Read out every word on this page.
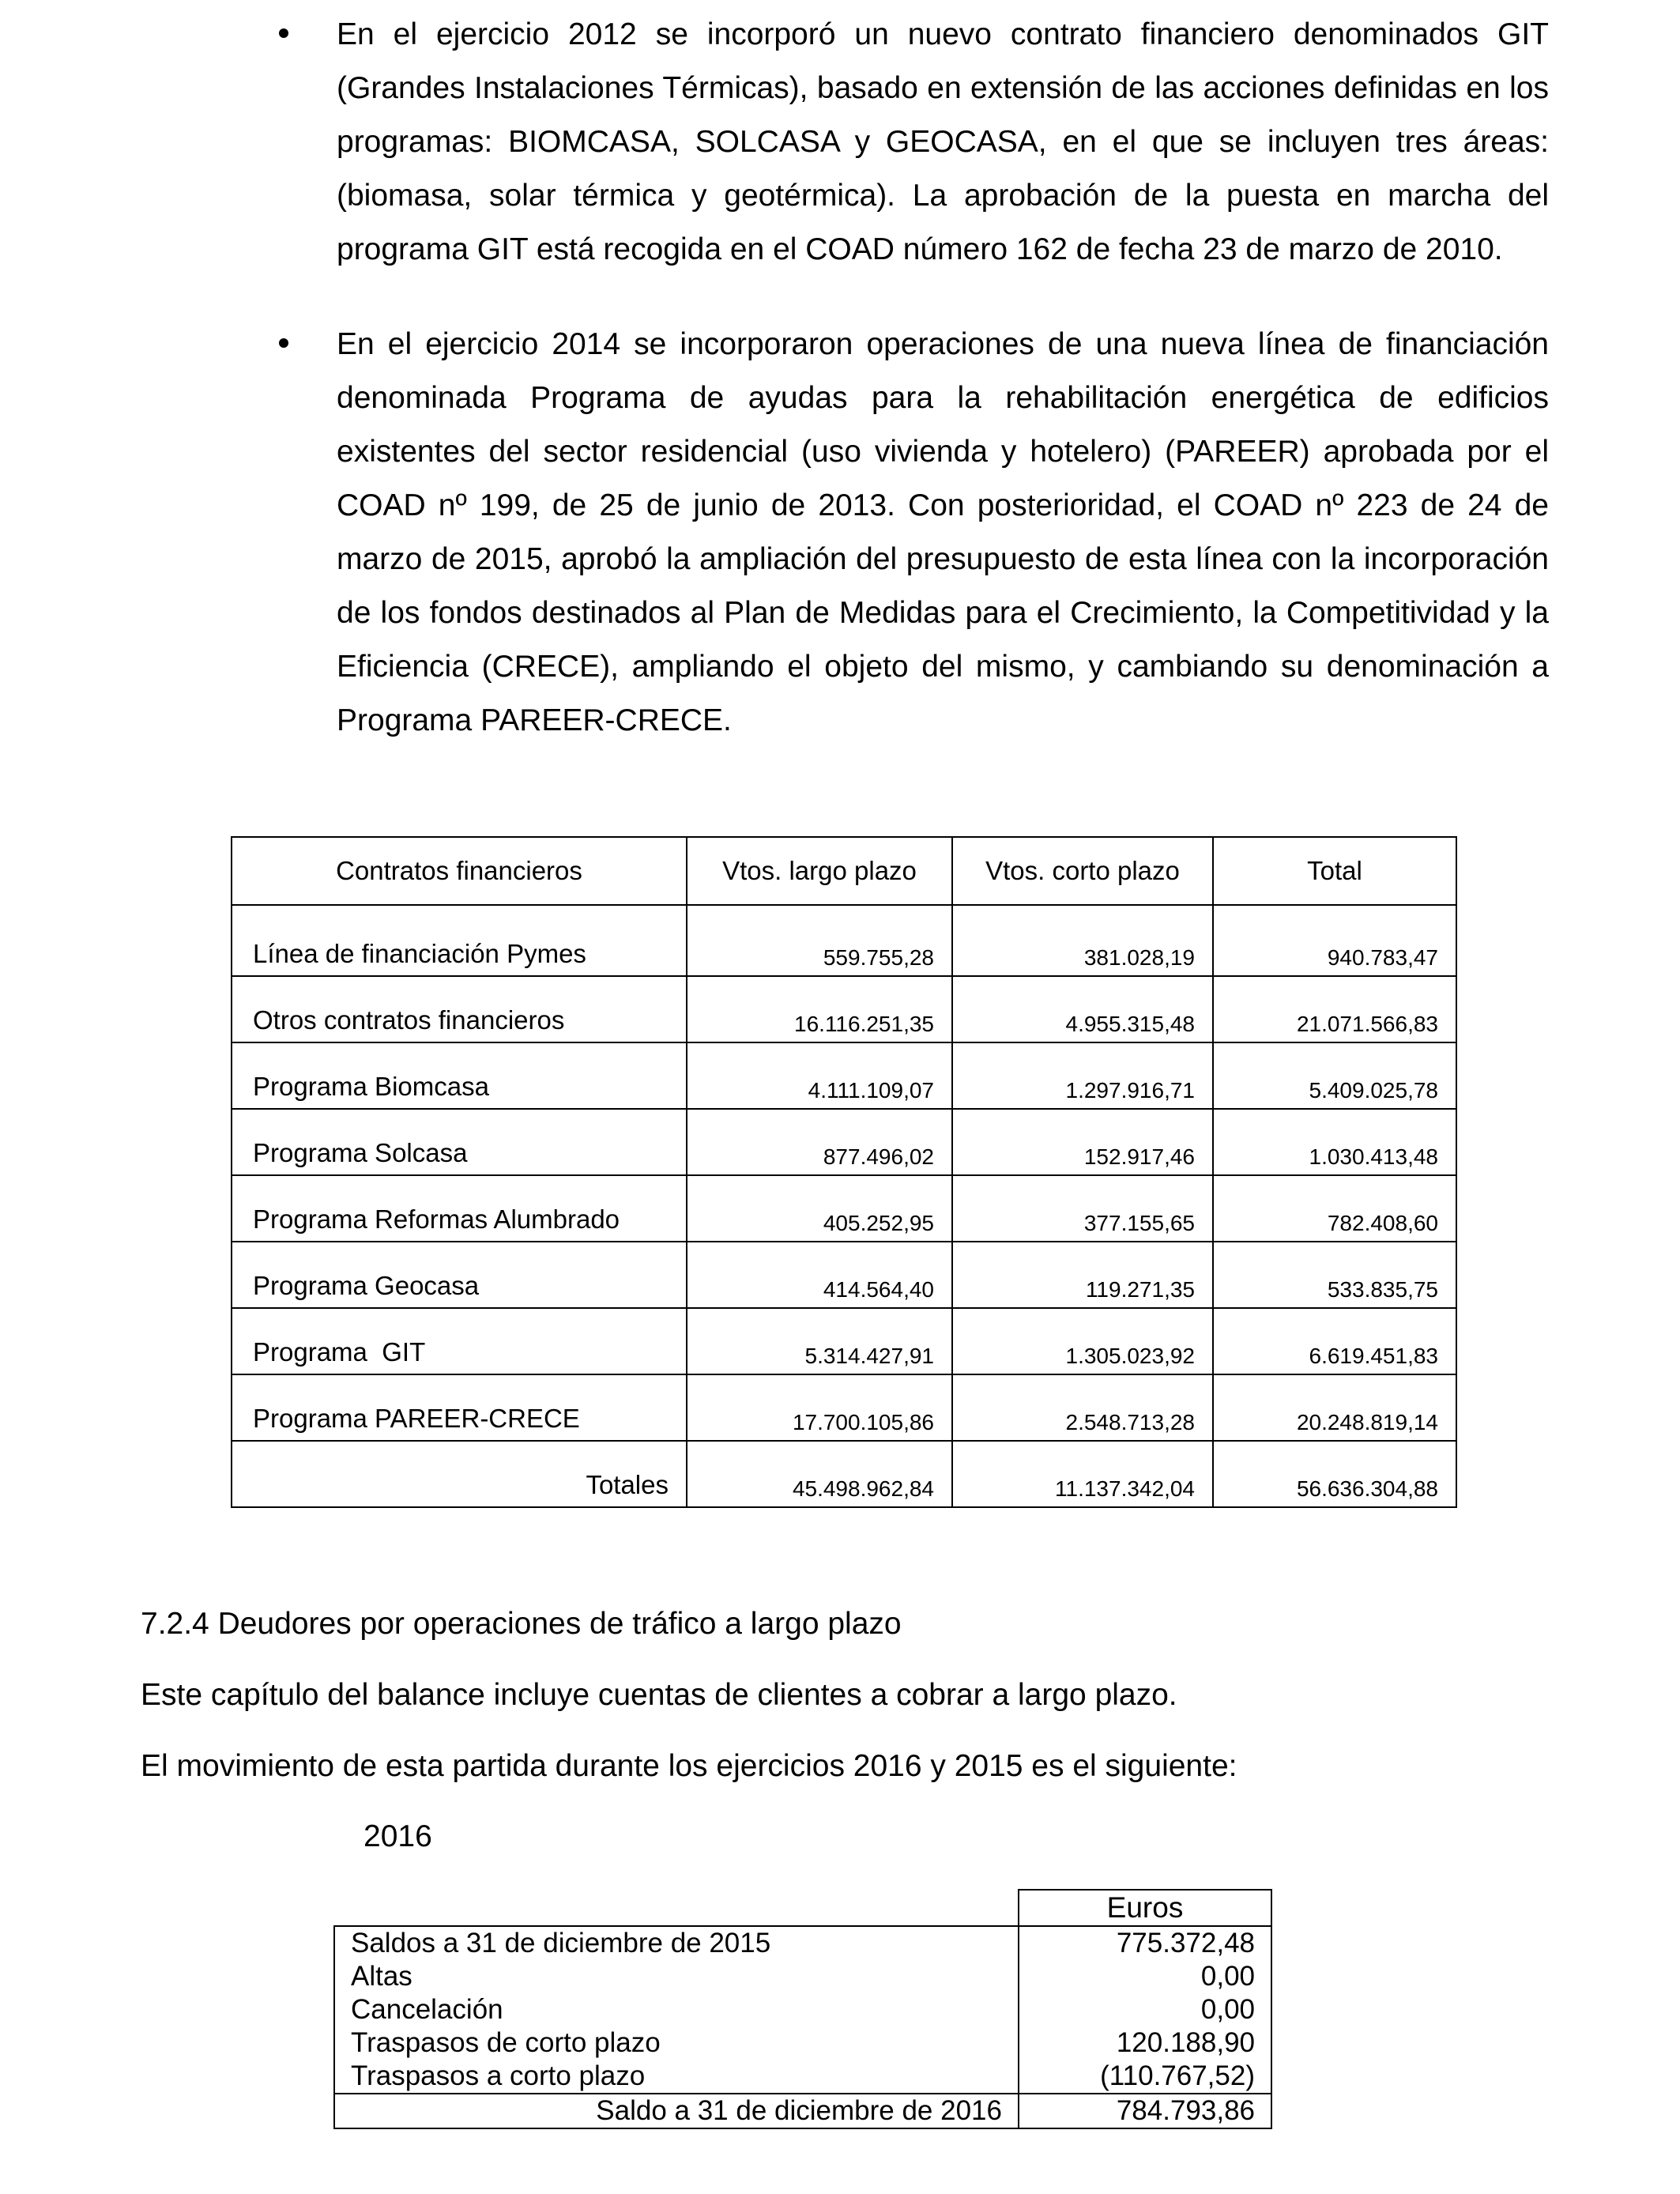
En el ejercicio 2012 se incorporó un nuevo contrato financiero denominados GIT (Grandes Instalaciones Térmicas), basado en extensión de las acciones definidas en los programas: BIOMCASA, SOLCASA y GEOCASA, en el que se incluyen tres áreas: (biomasa, solar térmica y geotérmica). La aprobación de la puesta en marcha del programa GIT está recogida en el COAD número 162 de fecha 23 de marzo de 2010.
En el ejercicio 2014 se incorporaron operaciones de una nueva línea de financiación denominada Programa de ayudas para la rehabilitación energética de edificios existentes del sector residencial (uso vivienda y hotelero) (PAREER) aprobada por el COAD nº 199, de 25 de junio de 2013. Con posterioridad, el COAD nº 223 de 24 de marzo de 2015, aprobó la ampliación del presupuesto de esta línea con la incorporación de los fondos destinados al Plan de Medidas para el Crecimiento, la Competitividad y la Eficiencia (CRECE), ampliando el objeto del mismo, y cambiando su denominación a Programa PAREER-CRECE.
Contratos financieros	Vtos. largo plazo	Vtos. corto plazo	Total
Línea de financiación Pymes	559.755,28	381.028,19	940.783,47
Otros contratos financieros	16.116.251,35	4.955.315,48	21.071.566,83
Programa Biomcasa	4.111.109,07	1.297.916,71	5.409.025,78
Programa Solcasa	877.496,02	152.917,46	1.030.413,48
Programa Reformas Alumbrado	405.252,95	377.155,65	782.408,60
Programa Geocasa	414.564,40	119.271,35	533.835,75
Programa  GIT	5.314.427,91	1.305.023,92	6.619.451,83
Programa PAREER-CRECE	17.700.105,86	2.548.713,28	20.248.819,14
Totales	45.498.962,84	11.137.342,04	56.636.304,88
7.2.4 Deudores por operaciones de tráfico a largo plazo
Este capítulo del balance incluye cuentas de clientes a cobrar a largo plazo.
El movimiento de esta partida durante los ejercicios 2016 y 2015 es el siguiente:
2016
	Euros
Saldos a 31 de diciembre de 2015	775.372,48
Altas	0,00
Cancelación	0,00
Traspasos de corto plazo	120.188,90
Traspasos a corto plazo	(110.767,52)
Saldo a 31 de diciembre de 2016	784.793,86
